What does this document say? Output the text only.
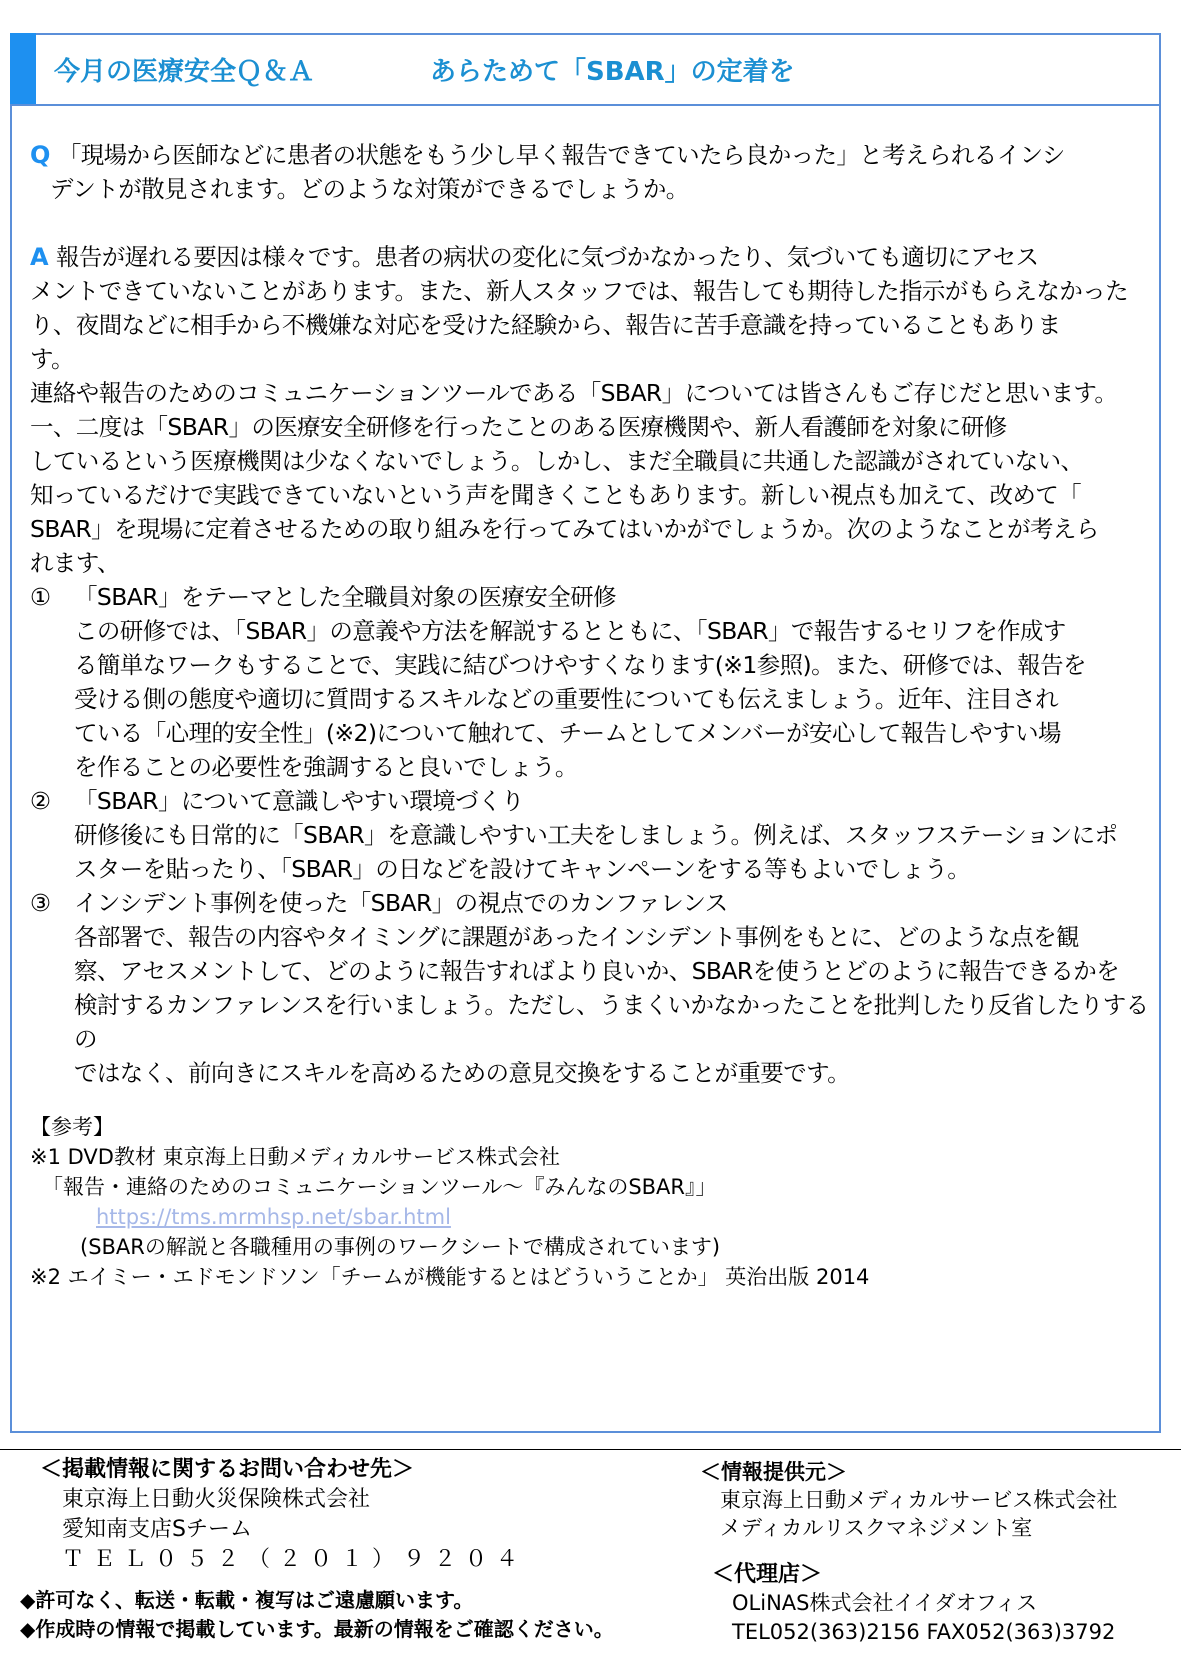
今月の医療安全Ｑ＆Ａ	あらためて「SBAR」の定着を

Q 「現場から医師などに患者の状態をもう少し早く報告できていたら良かった」と考えられるインシ

デントが散見されます。どのような対策ができるでしょうか。

A 報告が遅れる要因は様々です。患者の病状の変化に気づかなかったり、気づいても適切にアセス

メントできていないことがあります。また、新人スタッフでは、報告しても期待した指示がもらえなかった

り、夜間などに相手から不機嫌な対応を受けた経験から、報告に苦手意識を持っていることもありま

す。

連絡や報告のためのコミュニケーションツールである「SBAR」については皆さんもご存じだと思います。

一、二度は「SBAR」の医療安全研修を行ったことのある医療機関や、新人看護師を対象に研修

しているという医療機関は少なくないでしょう。しかし、まだ全職員に共通した認識がされていない、

知っているだけで実践できていないという声を聞きくこともあります。新しい視点も加えて、改めて「

SBAR」を現場に定着させるための取り組みを行ってみてはいかがでしょうか。次のようなことが考えら

れます、

①	「SBAR」をテーマとした全職員対象の医療安全研修

この研修では、「SBAR」の意義や方法を解説するとともに、「SBAR」で報告するセリフを作成す

る簡単なワークもすることで、実践に結びつけやすくなります(※1参照)。また、研修では、報告を

受ける側の態度や適切に質問するスキルなどの重要性についても伝えましょう。近年、注目され

ている「心理的安全性」(※2)について触れて、チームとしてメンバーが安心して報告しやすい場

を作ることの必要性を強調すると良いでしょう。

②	「SBAR」について意識しやすい環境づくり

研修後にも日常的に「SBAR」を意識しやすい工夫をしましょう。例えば、スタッフステーションにポ

スターを貼ったり、「SBAR」の日などを設けてキャンペーンをする等もよいでしょう。

③	インシデント事例を使った「SBAR」の視点でのカンファレンス

各部署で、報告の内容やタイミングに課題があったインシデント事例をもとに、どのような点を観

察、アセスメントして、どのように報告すればより良いか、SBARを使うとどのように報告できるかを

検討するカンファレンスを行いましょう。ただし、うまくいかなかったことを批判したり反省したりするの

ではなく、前向きにスキルを高めるための意見交換をすることが重要です。

【参考】
※1 DVD教材 東京海上日動メディカルサービス株式会社
「報告・連絡のためのコミュニケーションツール～『みんなのSBAR』」
https://tms.mrmhsp.net/sbar.html
(SBARの解説と各職種用の事例のワークシートで構成されています)
※2 エイミー・エドモンドソン「チームが機能するとはどういうことか」 英治出版 2014
＜掲載情報に関するお問い合わせ先＞
東京海上日動火災保険株式会社
愛知南支店Sチーム
ＴＥＬ０５２（２０１）９２０４
◆許可なく、転送・転載・複写はご遠慮願います。
◆作成時の情報で掲載しています。最新の情報をご確認ください。
＜情報提供元＞
東京海上日動メディカルサービス株式会社
メディカルリスクマネジメント室
＜代理店＞
OLiNAS株式会社イイダオフィス
TEL052(363)2156 FAX052(363)3792
